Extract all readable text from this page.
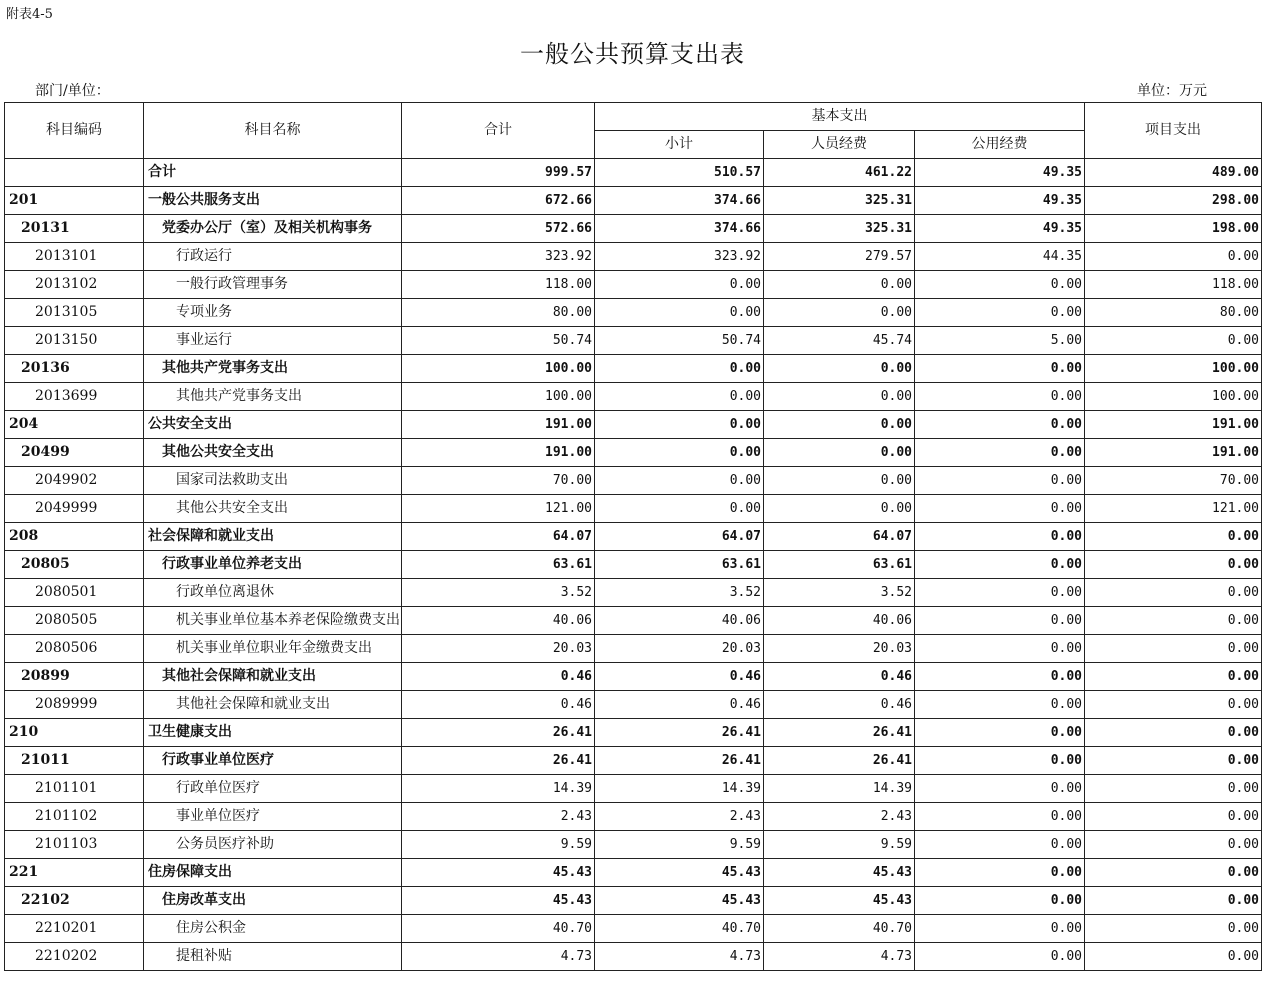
附表4-5
一般公共预算支出表
部门/单位：	单位：万元
科目编码	科目名称	合计	基本支出			项目支出
			小计	人员经费	公用经费	
	合计	999.57	510.57	461.22	49.35	489.00
201	一般公共服务支出	672.66	374.66	325.31	49.35	298.00
20131	党委办公厅（室）及相关机构事务	572.66	374.66	325.31	49.35	198.00
2013101	行政运行	323.92	323.92	279.57	44.35	0.00
2013102	一般行政管理事务	118.00	0.00	0.00	0.00	118.00
2013105	专项业务	80.00	0.00	0.00	0.00	80.00
2013150	事业运行	50.74	50.74	45.74	5.00	0.00
20136	其他共产党事务支出	100.00	0.00	0.00	0.00	100.00
2013699	其他共产党事务支出	100.00	0.00	0.00	0.00	100.00
204	公共安全支出	191.00	0.00	0.00	0.00	191.00
20499	其他公共安全支出	191.00	0.00	0.00	0.00	191.00
2049902	国家司法救助支出	70.00	0.00	0.00	0.00	70.00
2049999	其他公共安全支出	121.00	0.00	0.00	0.00	121.00
208	社会保障和就业支出	64.07	64.07	64.07	0.00	0.00
20805	行政事业单位养老支出	63.61	63.61	63.61	0.00	0.00
2080501	行政单位离退休	3.52	3.52	3.52	0.00	0.00
2080505	机关事业单位基本养老保险缴费支出	40.06	40.06	40.06	0.00	0.00
2080506	机关事业单位职业年金缴费支出	20.03	20.03	20.03	0.00	0.00
20899	其他社会保障和就业支出	0.46	0.46	0.46	0.00	0.00
2089999	其他社会保障和就业支出	0.46	0.46	0.46	0.00	0.00
210	卫生健康支出	26.41	26.41	26.41	0.00	0.00
21011	行政事业单位医疗	26.41	26.41	26.41	0.00	0.00
2101101	行政单位医疗	14.39	14.39	14.39	0.00	0.00
2101102	事业单位医疗	2.43	2.43	2.43	0.00	0.00
2101103	公务员医疗补助	9.59	9.59	9.59	0.00	0.00
221	住房保障支出	45.43	45.43	45.43	0.00	0.00
22102	住房改革支出	45.43	45.43	45.43	0.00	0.00
2210201	住房公积金	40.70	40.70	40.70	0.00	0.00
2210202	提租补贴	4.73	4.73	4.73	0.00	0.00
